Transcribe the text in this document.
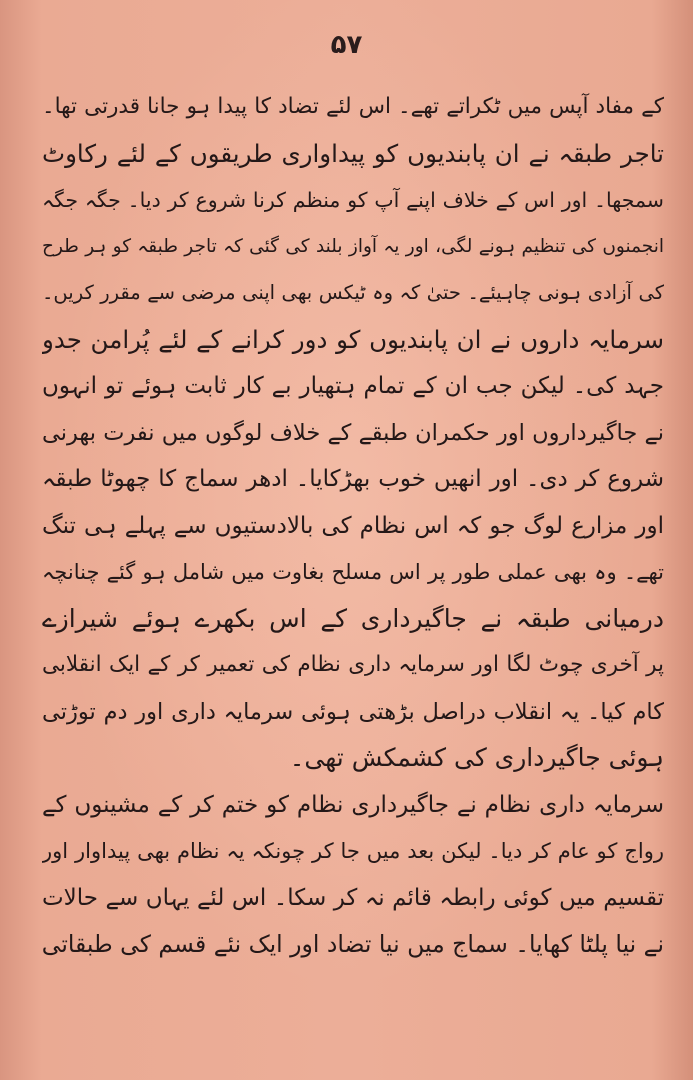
۵۷
کے مفاد آپس میں ٹکراتے تھے۔ اس لئے تضاد کا پیدا ہو جانا قدرتی تھا۔
تاجر طبقہ نے ان پابندیوں کو پیداواری طریقوں کے لئے رکاوٹ
سمجھا۔ اور اس کے خلاف اپنے آپ کو منظم کرنا شروع کر دیا۔ جگہ جگہ
انجمنوں کی تنظیم ہونے لگی، اور یہ آواز بلند کی گئی کہ تاجر طبقہ کو ہر طرح
کی آزادی ہونی چاہیئے۔ حتیٰ کہ وہ ٹیکس بھی اپنی مرضی سے مقرر کریں۔
سرمایہ داروں نے ان پابندیوں کو دور کرانے کے لئے پُرامن جدو
جہد کی۔ لیکن جب ان کے تمام ہتھیار بے کار ثابت ہوئے تو انہوں
نے جاگیرداروں اور حکمران طبقے کے خلاف لوگوں میں نفرت بھرنی
شروع کر دی۔ اور انھیں خوب بھڑکایا۔ ادھر سماج کا چھوٹا طبقہ
اور مزارع لوگ جو کہ اس نظام کی بالادستیوں سے پہلے ہی تنگ
تھے۔ وہ بھی عملی طور پر اس مسلح بغاوت میں شامل ہو گئے چنانچہ
درمیانی طبقہ نے جاگیرداری کے اس بکھرے ہوئے شیرازے
پر آخری چوٹ لگا اور سرمایہ داری نظام کی تعمیر کر کے ایک انقلابی
کام کیا۔ یہ انقلاب دراصل بڑھتی ہوئی سرمایہ داری اور دم توڑتی
ہوئی جاگیرداری کی کشمکش تھی۔
سرمایہ داری نظام نے جاگیرداری نظام کو ختم کر کے مشینوں کے
رواج کو عام کر دیا۔ لیکن بعد میں جا کر چونکہ یہ نظام بھی پیداوار اور
تقسیم میں کوئی رابطہ قائم نہ کر سکا۔ اس لئے یہاں سے حالات
نے نیا پلٹا کھایا۔ سماج میں نیا تضاد اور ایک نئے قسم کی طبقاتی
